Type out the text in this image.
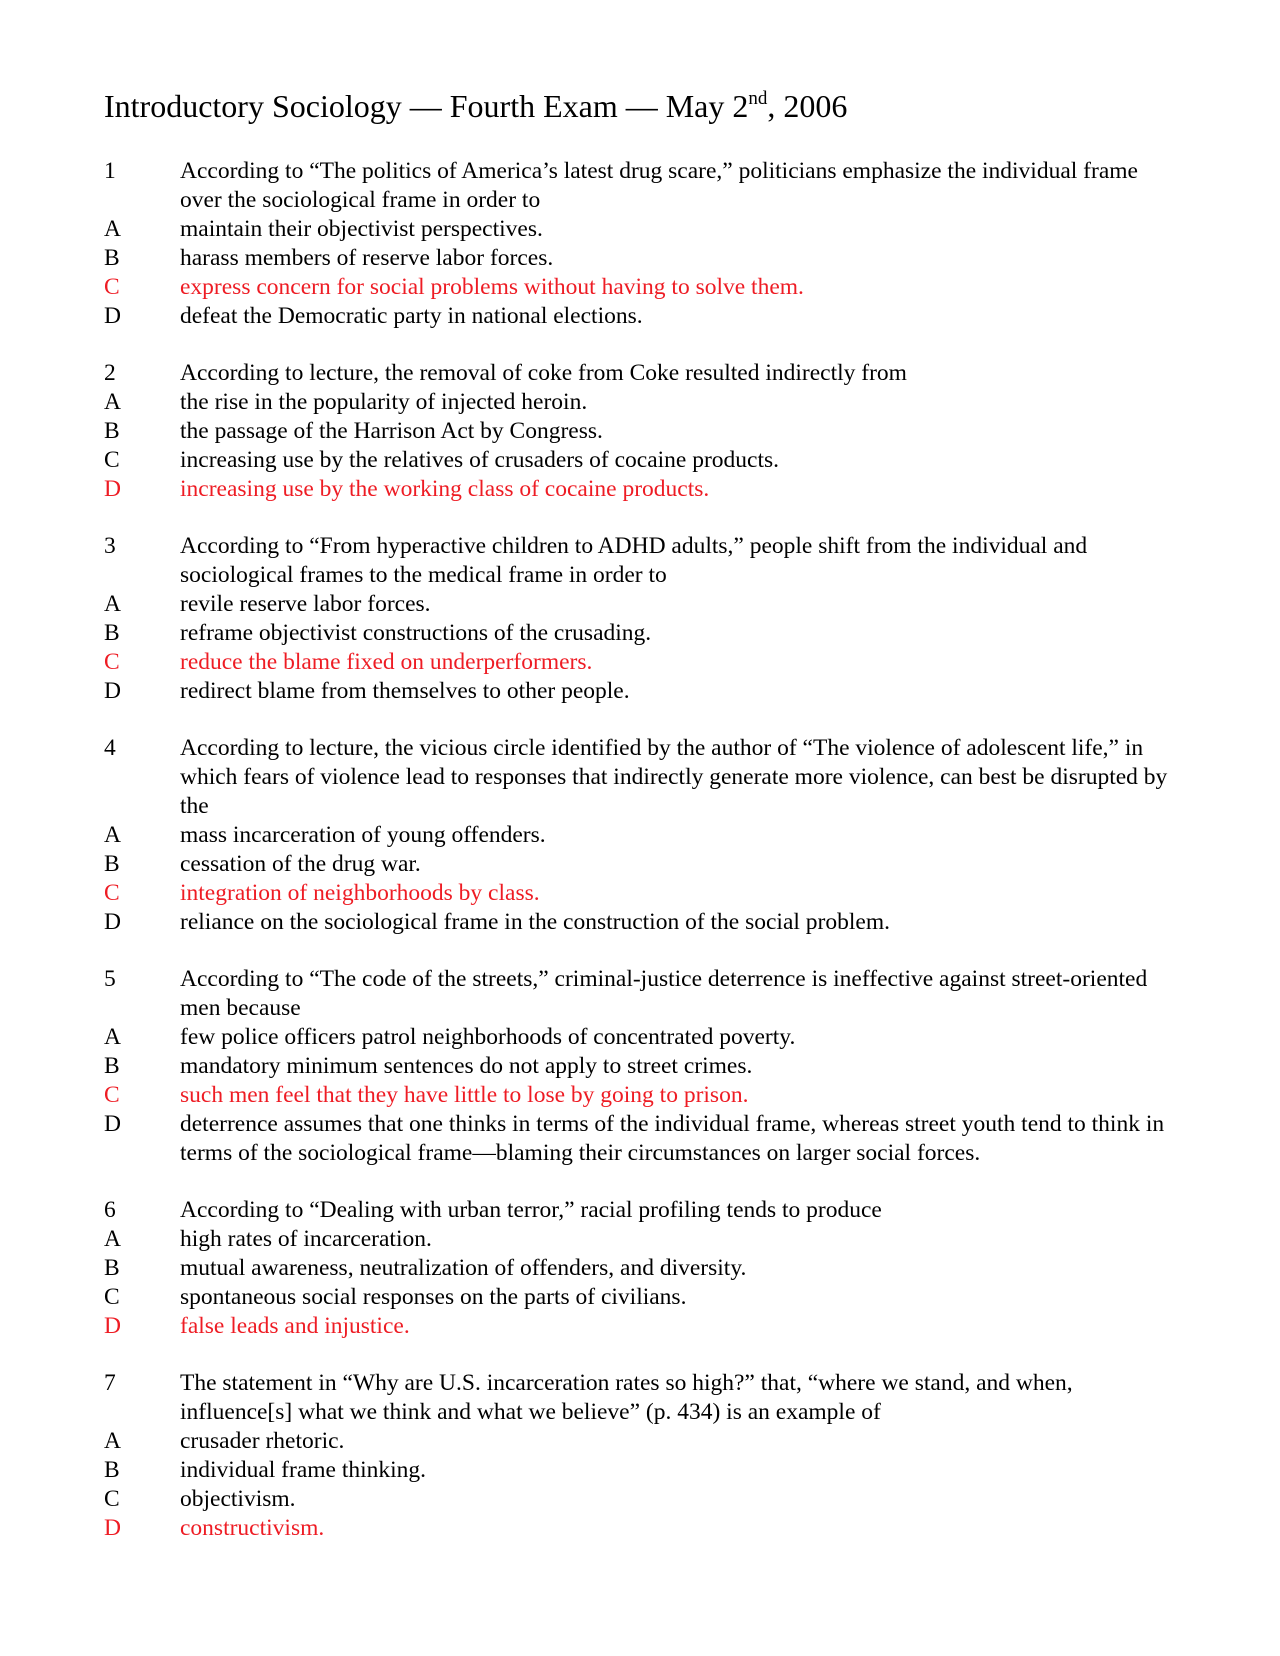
Introductory Sociology — Fourth Exam — May 2nd, 2006
1	According to “The politics of America’s latest drug scare,” politicians emphasize the individual frame over the sociological frame in order to
A	maintain their objectivist perspectives.
B	harass members of reserve labor forces.
C	express concern for social problems without having to solve them.
D	defeat the Democratic party in national elections.
2	According to lecture, the removal of coke from Coke resulted indirectly from
A	the rise in the popularity of injected heroin.
B	the passage of the Harrison Act by Congress.
C	increasing use by the relatives of crusaders of cocaine products.
D	increasing use by the working class of cocaine products.
3	According to “From hyperactive children to ADHD adults,” people shift from the individual and sociological frames to the medical frame in order to
A	revile reserve labor forces.
B	reframe objectivist constructions of the crusading.
C	reduce the blame fixed on underperformers.
D	redirect blame from themselves to other people.
4	According to lecture, the vicious circle identified by the author of “The violence of adolescent life,” in which fears of violence lead to responses that indirectly generate more violence, can best be disrupted by the
A	mass incarceration of young offenders.
B	cessation of the drug war.
C	integration of neighborhoods by class.
D	reliance on the sociological frame in the construction of the social problem.
5	According to “The code of the streets,” criminal-justice deterrence is ineffective against street-oriented men because
A	few police officers patrol neighborhoods of concentrated poverty.
B	mandatory minimum sentences do not apply to street crimes.
C	such men feel that they have little to lose by going to prison.
D	deterrence assumes that one thinks in terms of the individual frame, whereas street youth tend to think in terms of the sociological frame—blaming their circumstances on larger social forces.
6	According to “Dealing with urban terror,” racial profiling tends to produce
A	high rates of incarceration.
B	mutual awareness, neutralization of offenders, and diversity.
C	spontaneous social responses on the parts of civilians.
D	false leads and injustice.
7	The statement in “Why are U.S. incarceration rates so high?” that, “where we stand, and when, influence[s] what we think and what we believe” (p. 434) is an example of
A	crusader rhetoric.
B	individual frame thinking.
C	objectivism.
D	constructivism.
